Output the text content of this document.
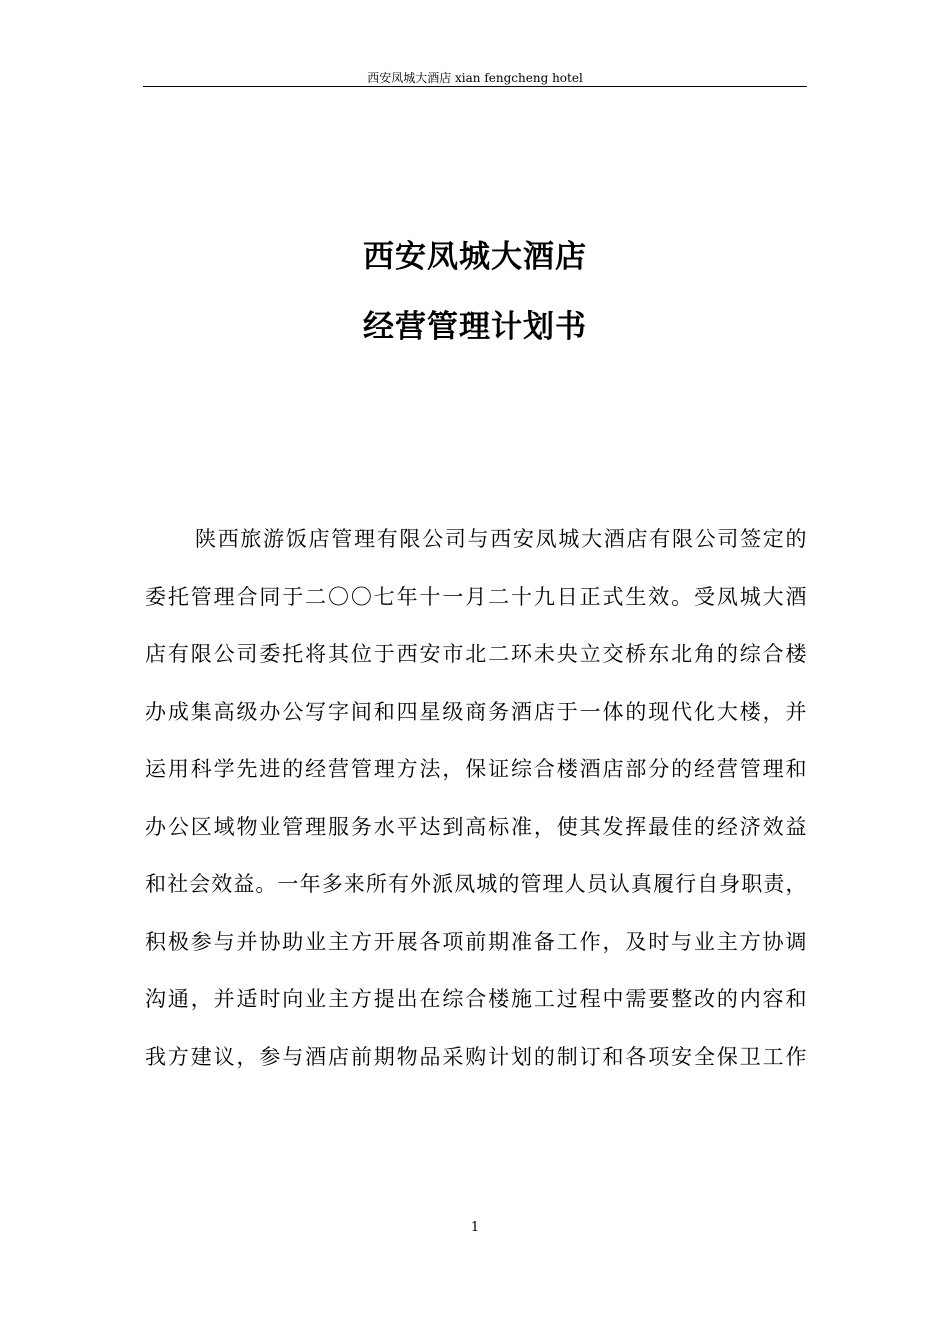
西安凤城大酒店 xian fengcheng hotel
西安凤城大酒店
经营管理计划书
陕西旅游饭店管理有限公司与西安凤城大酒店有限公司签定的
委托管理合同于二〇〇七年十一月二十九日正式生效。受凤城大酒
店有限公司委托将其位于西安市北二环未央立交桥东北角的综合楼
办成集高级办公写字间和四星级商务酒店于一体的现代化大楼，并
运用科学先进的经营管理方法，保证综合楼酒店部分的经营管理和
办公区域物业管理服务水平达到高标准，使其发挥最佳的经济效益
和社会效益。一年多来所有外派凤城的管理人员认真履行自身职责，
积极参与并协助业主方开展各项前期准备工作，及时与业主方协调
沟通，并适时向业主方提出在综合楼施工过程中需要整改的内容和
我方建议，参与酒店前期物品采购计划的制订和各项安全保卫工作
1
